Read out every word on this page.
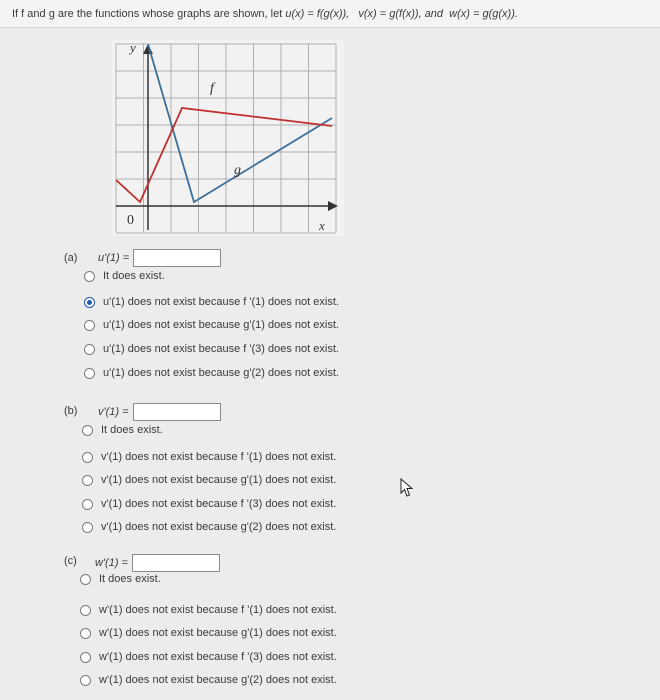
If f and g are the functions whose graphs are shown, let u(x) = f(g(x)), v(x) = g(f(x)), and w(x) = g(g(x)).
y
x
0
f
g
(a) u'(1) =
It does exist.
u'(1) does not exist because f '(1) does not exist.
u'(1) does not exist because g'(1) does not exist.
u'(1) does not exist because f '(3) does not exist.
u'(1) does not exist because g'(2) does not exist.
(b) v'(1) =
It does exist.
v'(1) does not exist because f '(1) does not exist.
v'(1) does not exist because g'(1) does not exist.
v'(1) does not exist because f '(3) does not exist.
v'(1) does not exist because g'(2) does not exist.
(c) w'(1) =
It does exist.
w'(1) does not exist because f '(1) does not exist.
w'(1) does not exist because g'(1) does not exist.
w'(1) does not exist because f '(3) does not exist.
w'(1) does not exist because g'(2) does not exist.
